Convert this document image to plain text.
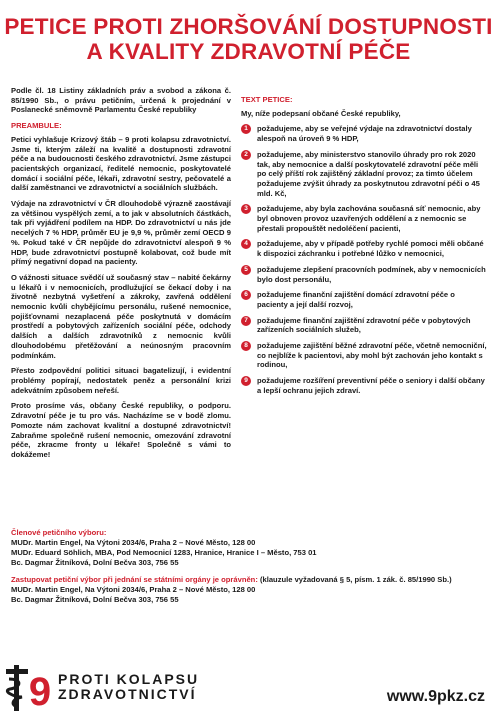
PETICE PROTI ZHORŠOVÁNÍ DOSTUPNOSTI
A KVALITY ZDRAVOTNÍ PÉČE

Podle čl. 18 Listiny základních práv a svobod a zákona č. 85/1990 Sb., o právu petičním, určená k projednání v Poslanecké sněmovně Parlamentu České republiky

PREAMBULE:

Petici vyhlašuje Krizový štáb – 9 proti kolapsu zdravotnictví. Jsme ti, kterým záleží na kvalitě a dostupnosti zdravotní péče a na budoucnosti českého zdravotnictví. Jsme zástupci pacientských organizací, ředitelé nemocnic, poskytovatelé domácí i sociální péče, lékaři, zdravotní sestry, pečovatelé a další zaměstnanci ve zdravotnictví a sociálních službách.

Výdaje na zdravotnictví v ČR dlouhodobě výrazně zaostávají za většinou vyspělých zemí, a to jak v absolutních částkách, tak při vyjádření podílem na HDP. Do zdravotnictví u nás jde necelých 7 % HDP, průměr EU je 9,9 %, průměr zemí OECD 9 %. Pokud také v ČR nepůjde do zdravotnictví alespoň 9 % HDP, bude zdravotnictví postupně kolabovat, což bude mít přímý negativní dopad na pacienty.

O vážnosti situace svědčí už současný stav – nabité čekárny u lékařů i v nemocnicích, prodlužující se čekací doby i na životně nezbytná vyšetření a zákroky, zavřená oddělení nemocnic kvůli chybějícímu personálu, rušené nemocnice, pojišťovnami nezaplacená péče poskytnutá v domácím prostředí a pobytových zařízeních sociální péče, odchody dalších a dalších zdravotníků z nemocnic kvůli dlouhodobému přetěžování a neúnosným pracovním podmínkám.

Přesto zodpovědní politici situaci bagatelizují, i evidentní problémy popírají, nedostatek peněz a personální krizi adekvátním způsobem neřeší.

Proto prosíme vás, občany České republiky, o podporu. Zdravotní péče je tu pro vás. Nacházíme se v bodě zlomu. Pomozte nám zachovat kvalitní a dostupné zdravotnictví! Zabraňme společně rušení nemocnic, omezování zdravotní péče, zkracme fronty u lékaře! Společně s vámi to dokážeme!

TEXT PETICE:
My, níže podepsaní občané České republiky,
1	požadujeme, aby se veřejné výdaje na zdravotnictví dostaly alespoň na úroveň 9 % HDP,
2	požadujeme, aby ministerstvo stanovilo úhrady pro rok 2020 tak, aby nemocnice a další poskytovatelé zdravotní péče měli po celý příští rok zajištěný základní provoz; za timto účelem požadujeme zvýšit úhrady za poskytnutou zdravotní péči o 45 mld. Kč,
3	požadujeme, aby byla zachována současná síť nemocnic, aby byl obnoven provoz uzavřených oddělení a z nemocnic se přestali propouštět nedoléčení pacienti,
4	požadujeme, aby v případě potřeby rychlé pomoci měli občané k dispozici záchranku i potřebné lůžko v nemocnici,
5	požadujeme zlepšení pracovních podmínek, aby v nemocnicích bylo dost personálu,
6	požadujeme finanční zajištění domácí zdravotní péče o pacienty a její další rozvoj,
7	požadujeme finanční zajištění zdravotní péče v pobytových zařízeních sociálních služeb,
8	požadujeme zajištění běžné zdravotní péče, včetně nemocniční, co nejblíže k pacientovi, aby mohl být zachován jeho kontakt s rodinou,
9	požadujeme rozšíření preventivní péče o seniory i další občany a lepší ochranu jejich zdraví.
Členové petičního výboru:
MUDr. Martin Engel, Na Výtoni 2034/6, Praha 2 – Nové Město, 128 00
MUDr. Eduard Söhlich, MBA, Pod Nemocnicí 1283, Hranice, Hranice I – Město, 753 01
Bc. Dagmar Žitníková, Dolní Bečva 303, 756 55
Zastupovat petiční výbor při jednání se státními orgány je oprávněn: (klauzule vyžadovaná § 5, písm. 1 zák. č. 85/1990 Sb.)
MUDr. Martin Engel, Na Výtoni 2034/6, Praha 2 – Nové Město, 128 00
Bc. Dagmar Žitníková, Dolní Bečva 303, 756 55
9 PROTI KOLAPSU
ZDRAVOTNICTVÍ	www.9pkz.cz
